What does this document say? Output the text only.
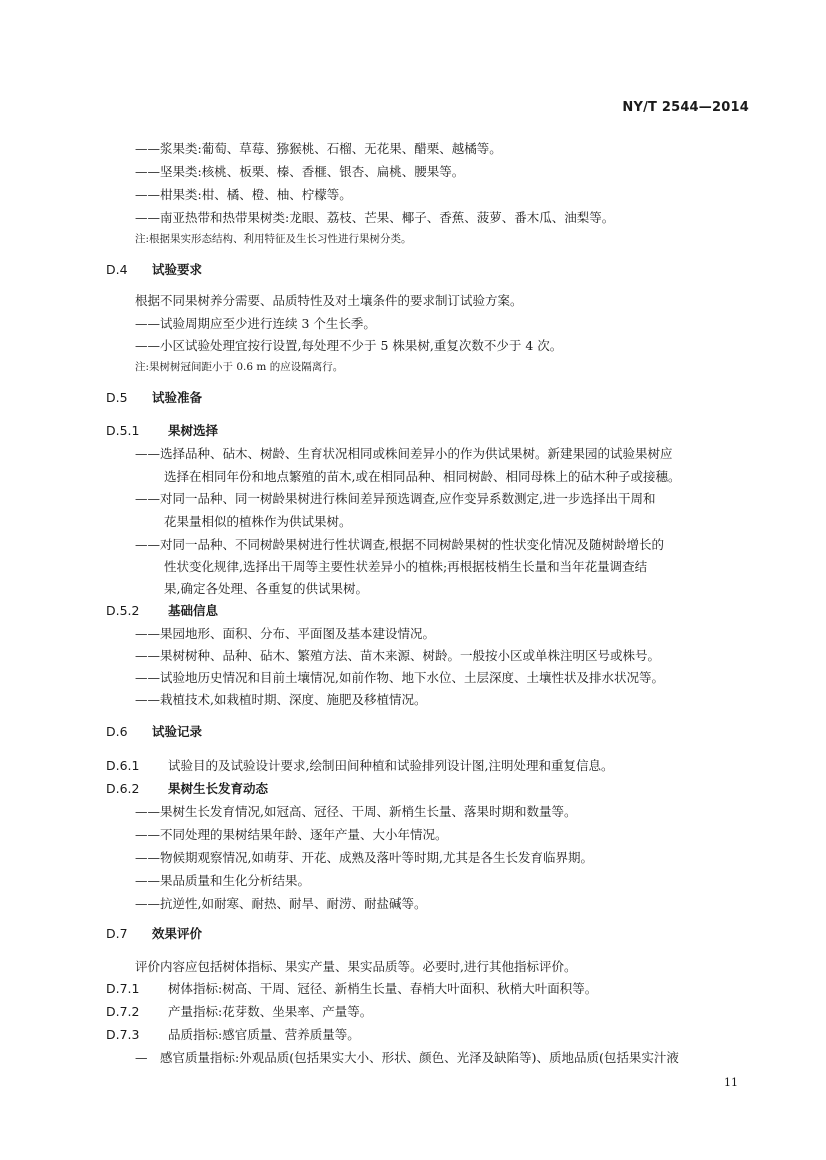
NY/T 2544—2014
——浆果类:葡萄、草莓、猕猴桃、石榴、无花果、醋栗、越橘等。
——坚果类:核桃、板栗、榛、香榧、银杏、扁桃、腰果等。
——柑果类:柑、橘、橙、柚、柠檬等。
——南亚热带和热带果树类:龙眼、荔枝、芒果、椰子、香蕉、菠萝、番木瓜、油梨等。
注:根据果实形态结构、利用特征及生长习性进行果树分类。
D.4 试验要求
根据不同果树养分需要、品质特性及对土壤条件的要求制订试验方案。
——试验周期应至少进行连续 3 个生长季。
——小区试验处理宜按行设置,每处理不少于 5 株果树,重复次数不少于 4 次。
注:果树树冠间距小于 0.6 m 的应设隔离行。
D.5 试验准备
D.5.1 果树选择
——选择品种、砧木、树龄、生育状况相同或株间差异小的作为供试果树。新建果园的试验果树应
选择在相同年份和地点繁殖的苗木,或在相同品种、相同树龄、相同母株上的砧木种子或接穗。
——对同一品种、同一树龄果树进行株间差异预选调查,应作变异系数测定,进一步选择出干周和
花果量相似的植株作为供试果树。
——对同一品种、不同树龄果树进行性状调查,根据不同树龄果树的性状变化情况及随树龄增长的
性状变化规律,选择出干周等主要性状差异小的植株;再根据枝梢生长量和当年花量调查结
果,确定各处理、各重复的供试果树。
D.5.2 基础信息
——果园地形、面积、分布、平面图及基本建设情况。
——果树树种、品种、砧木、繁殖方法、苗木来源、树龄。一般按小区或单株注明区号或株号。
——试验地历史情况和目前土壤情况,如前作物、地下水位、土层深度、土壤性状及排水状况等。
——栽植技术,如栽植时期、深度、施肥及移植情况。
D.6 试验记录
D.6.1 试验目的及试验设计要求,绘制田间种植和试验排列设计图,注明处理和重复信息。
D.6.2 果树生长发育动态
——果树生长发育情况,如冠高、冠径、干周、新梢生长量、落果时期和数量等。
——不同处理的果树结果年龄、逐年产量、大小年情况。
——物候期观察情况,如萌芽、开花、成熟及落叶等时期,尤其是各生长发育临界期。
——果品质量和生化分析结果。
——抗逆性,如耐寒、耐热、耐旱、耐涝、耐盐碱等。
D.7 效果评价
评价内容应包括树体指标、果实产量、果实品质等。必要时,进行其他指标评价。
D.7.1 树体指标:树高、干周、冠径、新梢生长量、春梢大叶面积、秋梢大叶面积等。
D.7.2 产量指标:花芽数、坐果率、产量等。
D.7.3 品质指标:感官质量、营养质量等。
—　感官质量指标:外观品质(包括果实大小、形状、颜色、光泽及缺陷等)、质地品质(包括果实汁液
11
